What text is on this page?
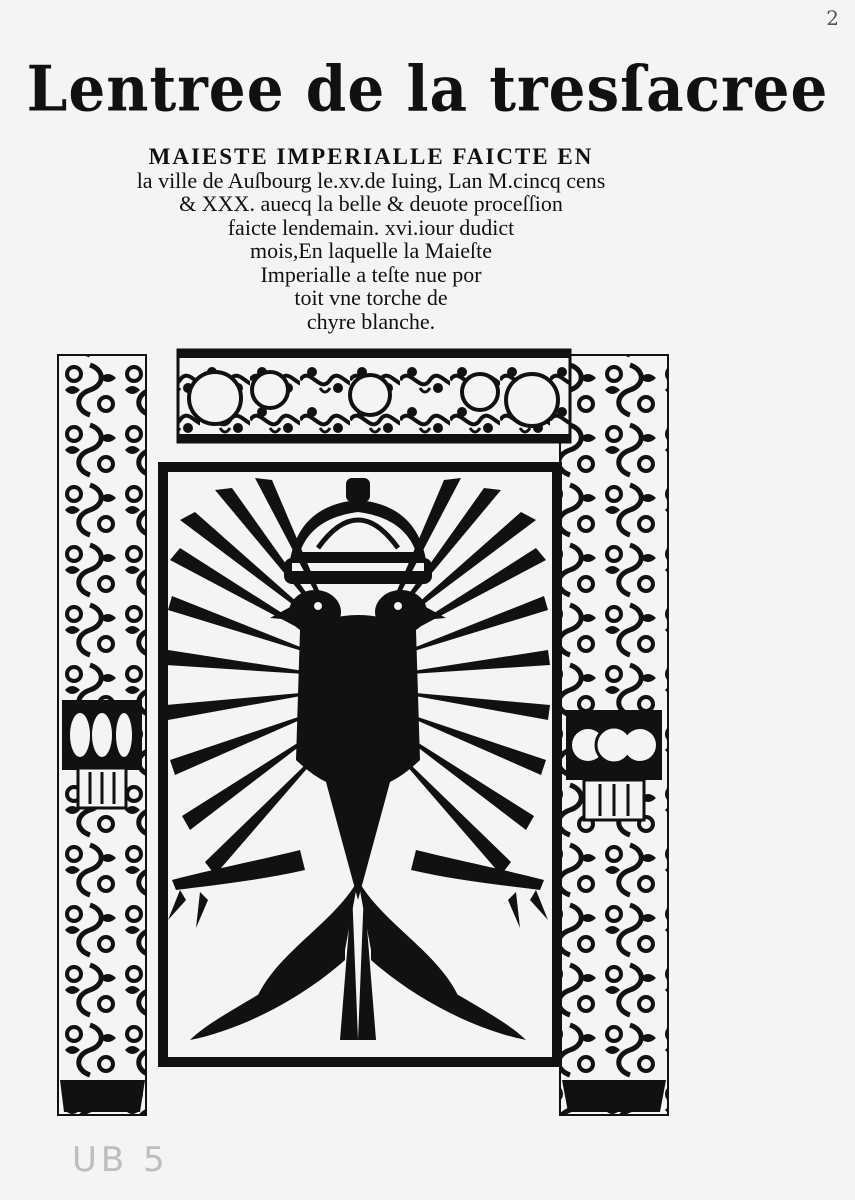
2
Lentree de la tresſacree
MAIESTE IMPERIALLE FAICTE EN
la ville de Auſbourg le.xv.de Iuing, Lan M.cincq cens
& XXX. auecq la belle & deuote proceſſion
faicte lendemain. xvi.iour dudict
mois,En laquelle la Maieſte
Imperialle a teſte nue por
toit vne torche de
chyre blanche.
UB 5
